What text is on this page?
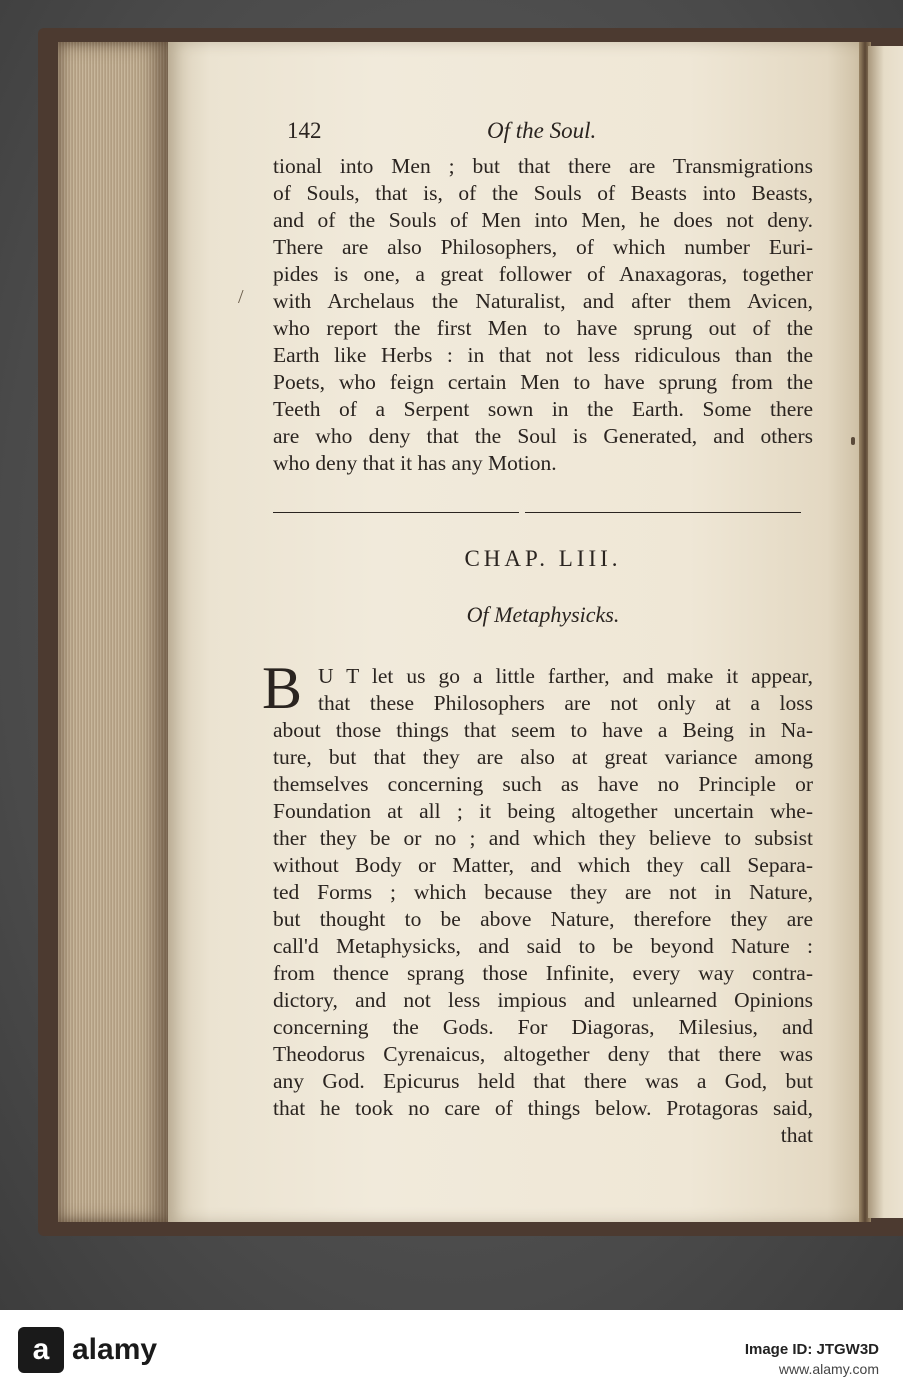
142	Of the Soul.
tional into Men ; but that there are Transmigrations
of Souls, that is, of the Souls of Beasts into Beasts,
and of the Souls of Men into Men, he does not deny.
There are also Philosophers, of which number Euri-
pides is one, a great follower of Anaxagoras, together
with Archelaus the Naturalist, and after them Avicen,
who report the first Men to have sprung out of the
Earth like Herbs : in that not less ridiculous than the
Poets, who feign certain Men to have sprung from the
Teeth of a Serpent sown in the Earth. Some there
are who deny that the Soul is Generated, and others
who deny that it has any Motion.
/
CHAP. LIII.
Of Metaphysicks.
B U T let us go a little farther, and make it appear,
that these Philosophers are not only at a loss
about those things that seem to have a Being in Na-
ture, but that they are also at great variance among
themselves concerning such as have no Principle or
Foundation at all ; it being altogether uncertain whe-
ther they be or no ; and which they believe to subsist
without Body or Matter, and which they call Separa-
ted Forms ; which because they are not in Nature,
but thought to be above Nature, therefore they are
call'd Metaphysicks, and said to be beyond Nature :
from thence sprang those Infinite, every way contra-
dictory, and not less impious and unlearned Opinions
concerning the Gods. For Diagoras, Milesius, and
Theodorus Cyrenaicus, altogether deny that there was
any God. Epicurus held that there was a God, but
that he took no care of things below. Protagoras said,
that
a alamy	Image ID: JTGW3D
www.alamy.com
